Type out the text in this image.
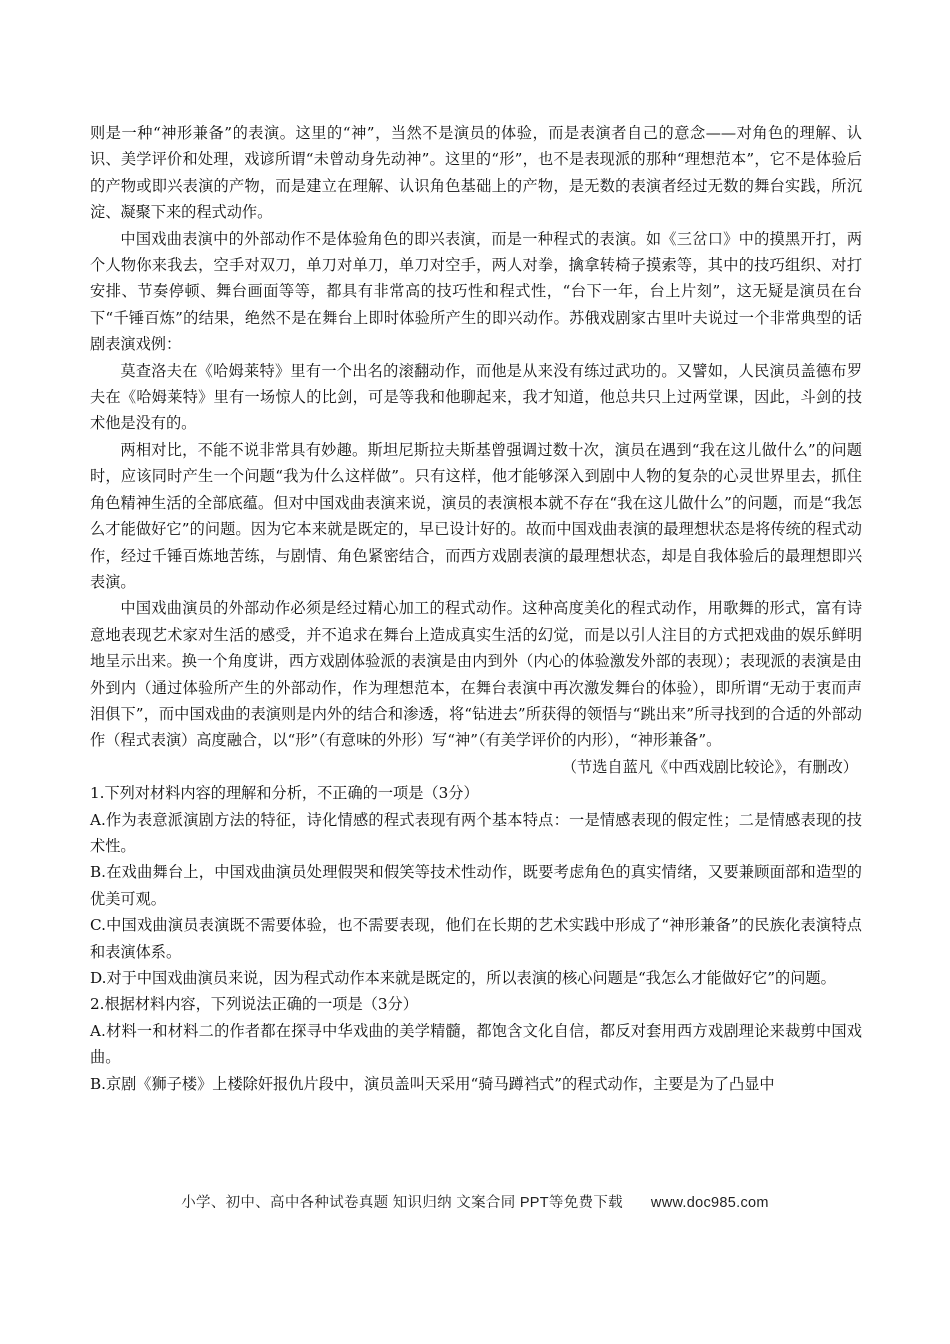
则是一种“神形兼备”的表演。这里的“神”，当然不是演员的体验，而是表演者自己的意念——对角色的理解、认识、美学评价和处理，戏谚所谓“未曾动身先动神”。这里的“形”，也不是表现派的那种“理想范本”，它不是体验后的产物或即兴表演的产物，而是建立在理解、认识角色基础上的产物，是无数的表演者经过无数的舞台实践，所沉淀、凝聚下来的程式动作。

中国戏曲表演中的外部动作不是体验角色的即兴表演，而是一种程式的表演。如《三岔口》中的摸黑开打，两个人物你来我去，空手对双刀，单刀对单刀，单刀对空手，两人对拳，擒拿转椅子摸索等，其中的技巧组织、对打安排、节奏停顿、舞台画面等等，都具有非常高的技巧性和程式性，“台下一年，台上片刻”，这无疑是演员在台下“千锤百炼”的结果，绝然不是在舞台上即时体验所产生的即兴动作。苏俄戏剧家古里叶夫说过一个非常典型的话剧表演戏例：

莫查洛夫在《哈姆莱特》里有一个出名的滚翻动作，而他是从来没有练过武功的。又譬如，人民演员盖德布罗夫在《哈姆莱特》里有一场惊人的比剑，可是等我和他聊起来，我才知道，他总共只上过两堂课，因此，斗剑的技术他是没有的。

两相对比，不能不说非常具有妙趣。斯坦尼斯拉夫斯基曾强调过数十次，演员在遇到“我在这儿做什么”的问题时，应该同时产生一个问题“我为什么这样做”。只有这样，他才能够深入到剧中人物的复杂的心灵世界里去，抓住角色精神生活的全部底蕴。但对中国戏曲表演来说，演员的表演根本就不存在“我在这儿做什么”的问题，而是“我怎么才能做好它”的问题。因为它本来就是既定的，早已设计好的。故而中国戏曲表演的最理想状态是将传统的程式动作，经过千锤百炼地苦练，与剧情、角色紧密结合，而西方戏剧表演的最理想状态，却是自我体验后的最理想即兴表演。

中国戏曲演员的外部动作必须是经过精心加工的程式动作。这种高度美化的程式动作，用歌舞的形式，富有诗意地表现艺术家对生活的感受，并不追求在舞台上造成真实生活的幻觉，而是以引人注目的方式把戏曲的娱乐鲜明地呈示出来。换一个角度讲，西方戏剧体验派的表演是由内到外（内心的体验激发外部的表现）；表现派的表演是由外到内（通过体验所产生的外部动作，作为理想范本，在舞台表演中再次激发舞台的体验），即所谓“无动于衷而声泪俱下”，而中国戏曲的表演则是内外的结合和渗透，将“钻进去”所获得的领悟与“跳出来”所寻找到的合适的外部动作（程式表演）高度融合，以“形”（有意味的外形）写“神”（有美学评价的内形），“神形兼备”。

（节选自蓝凡《中西戏剧比较论》，有删改）

1.下列对材料内容的理解和分析，不正确的一项是（3分）

A.作为表意派演剧方法的特征，诗化情感的程式表现有两个基本特点：一是情感表现的假定性；二是情感表现的技术性。

B.在戏曲舞台上，中国戏曲演员处理假哭和假笑等技术性动作，既要考虑角色的真实情绪，又要兼顾面部和造型的优美可观。

C.中国戏曲演员表演既不需要体验，也不需要表现，他们在长期的艺术实践中形成了“神形兼备”的民族化表演特点和表演体系。

D.对于中国戏曲演员来说，因为程式动作本来就是既定的，所以表演的核心问题是“我怎么才能做好它”的问题。

2.根据材料内容，下列说法正确的一项是（3分）

A.材料一和材料二的作者都在探寻中华戏曲的美学精髓，都饱含文化自信，都反对套用西方戏剧理论来裁剪中国戏曲。

B.京剧《狮子楼》上楼除奸报仇片段中，演员盖叫天采用“骑马蹲裆式”的程式动作，主要是为了凸显中

小学、初中、高中各种试卷真题 知识归纳 文案合同 PPT等免费下载 www.doc985.com
